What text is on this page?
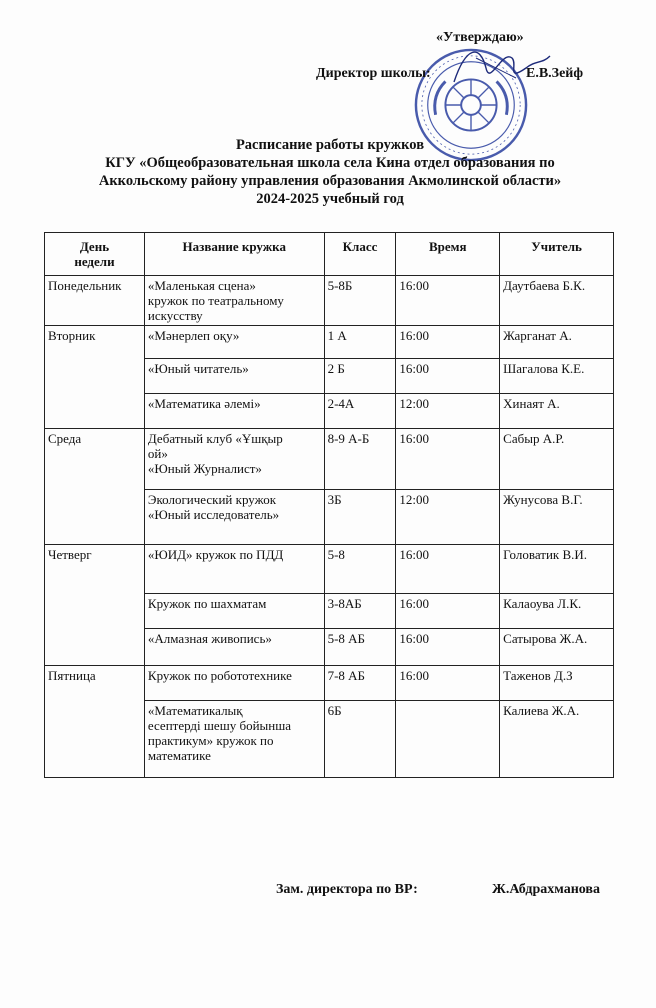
«Утверждаю»
Директор школы:	Е.В.Зейф
Расписание работы кружков
КГУ «Общеобразовательная школа села Кина отдел образования по
Аккольскому району управления образования Акмолинской области»
2024-2025 учебный год
День
недели	Название кружка	Класс	Время	Учитель
Понедельник	«Маленькая сцена»
кружок по театральному
искусству	5-8Б	16:00	Даутбаева Б.К.
Вторник	«Мәнерлеп оқу»	1 А	16:00	Жарганат А.
	«Юный читатель»	2 Б	16:00	Шагалова К.Е.
	«Математика әлемі»	2-4А	12:00	Хинаят А.
Среда	Дебатный клуб «Ұшқыр
ой»
«Юный Журналист»	8-9 А-Б	16:00	Сабыр А.Р.
	Экологический кружок
«Юный исследователь»	3Б	12:00	Жунусова В.Г.
Четверг	«ЮИД» кружок по ПДД	5-8	16:00	Головатик В.И.
	Кружок по шахматам	3-8АБ	16:00	Калаоува Л.К.
	«Алмазная живопись»	5-8 АБ	16:00	Сатырова Ж.А.
Пятница	Кружок по робототехнике	7-8 АБ	16:00	Таженов Д.З
	«Математикалық
есептерді шешу бойынша
практикум» кружок по
математике	6Б		Калиева Ж.А.
Зам. директора по ВР:	Ж.Абдрахманова
